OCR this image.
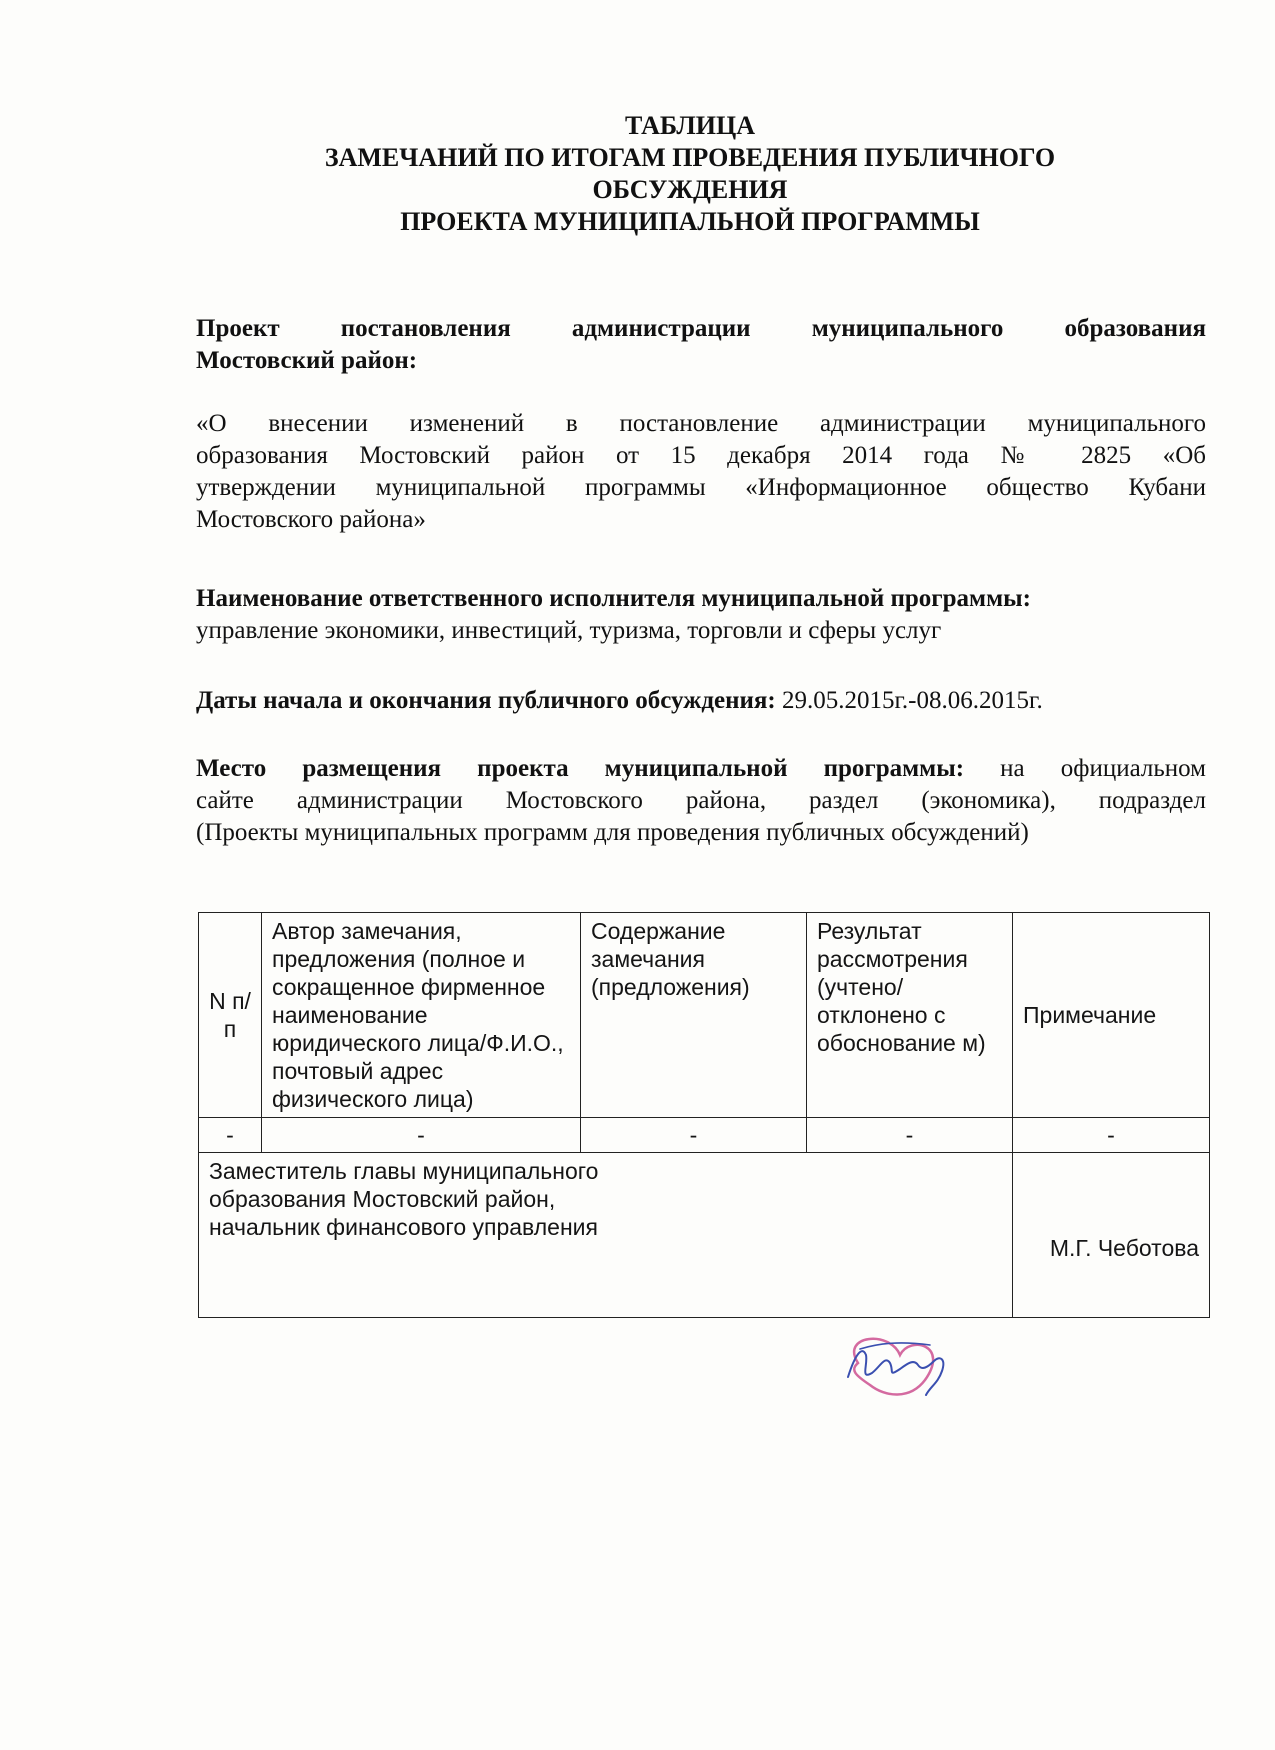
ТАБЛИЦА
ЗАМЕЧАНИЙ ПО ИТОГАМ ПРОВЕДЕНИЯ ПУБЛИЧНОГО
ОБСУЖДЕНИЯ
ПРОЕКТА МУНИЦИПАЛЬНОЙ ПРОГРАММЫ
Проект постановления администрации муниципального образования
Мостовский район:
«О внесении изменений в постановление администрации муниципального
образования Мостовский район от 15 декабря 2014 года № 2825 «Об
утверждении муниципальной программы «Информационное общество Кубани
Мостовского района»
Наименование ответственного исполнителя муниципальной программы:
управление экономики, инвестиций, туризма, торговли и сферы услуг
Даты начала и окончания публичного обсуждения: 29.05.2015г.-08.06.2015г.
Место размещения проекта муниципальной программы: на официальном
сайте администрации Мостовского района, раздел (экономика), подраздел
(Проекты муниципальных программ для проведения публичных обсуждений)
N п/п	Автор замечания, предложения (полное и сокращенное фирменное наименование юридического лица/Ф.И.О., почтовый адрес физического лица)	Содержание замечания (предложения)	Результат рассмотрения (учтено/ отклонено с обоснование м)	Примечание
-	-	-	-	-

Заместитель главы муниципального образования Мостовский район, начальник финансового управления				М.Г. Чеботова
